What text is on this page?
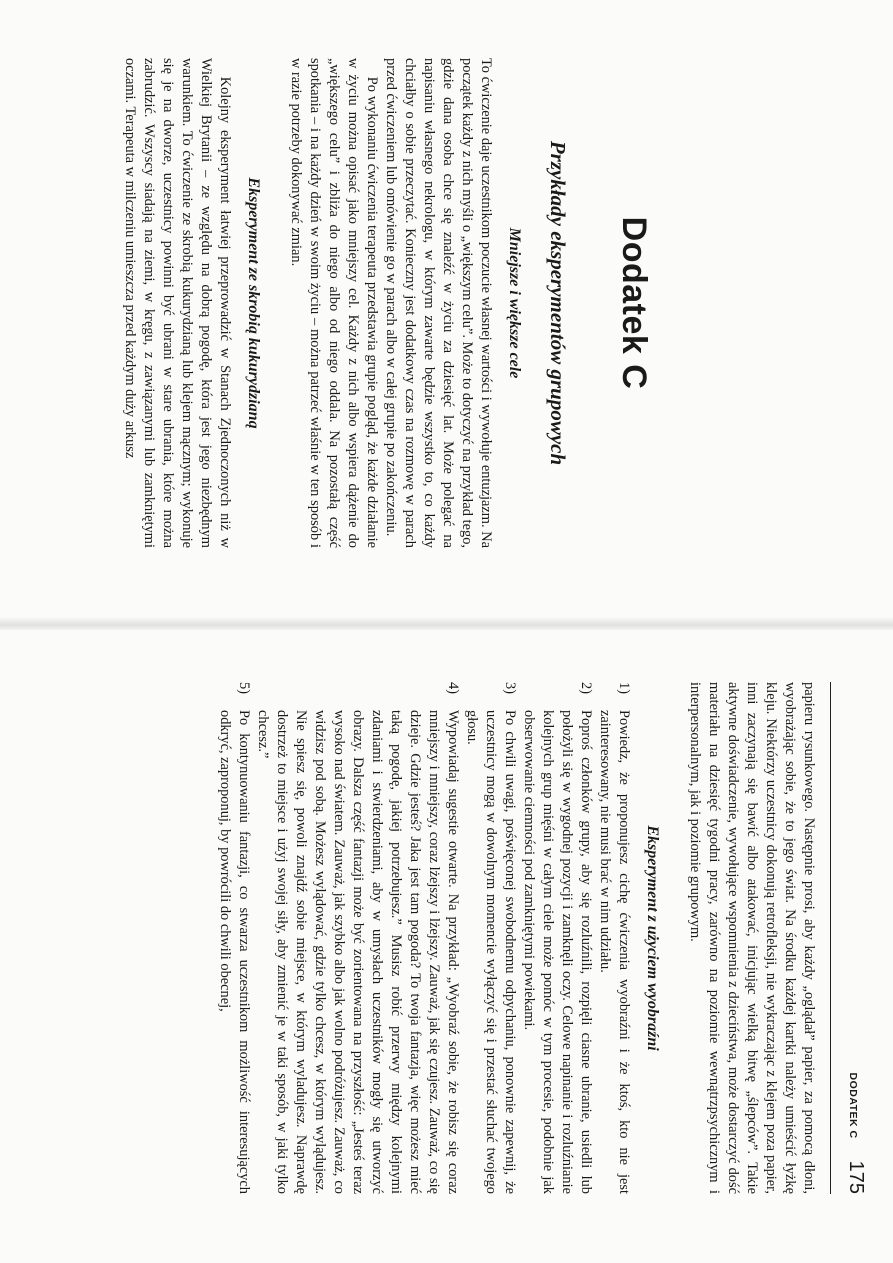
Dodatek C
Przykłady eksperymentów grupowych
Mniejsze i większe cele

To ćwiczenie daje uczestnikom poczucie własnej wartości i wywołuje entuzjazm. Na początek każdy z nich myśli o „większym celu”. Może to dotyczyć na przykład tego, gdzie dana osoba chce się znaleźć w życiu za dziesięć lat. Może polegać na napisaniu własnego nekrologu, w którym zawarte będzie wszystko to, co każdy chciałby o sobie przeczytać. Konieczny jest dodatkowy czas na rozmowę w parach przed ćwiczeniem lub omówienie go w parach albo w całej grupie po zakończeniu.

Po wykonaniu ćwiczenia terapeuta przedstawia grupie pogląd, że każde działanie w życiu można opisać jako mniejszy cel. Każdy z nich albo wspiera dążenie do „większego celu” i zbliża do niego albo od niego oddala. Na pozostałą część spotkania – i na każdy dzień w swoim życiu – można patrzeć właśnie w ten sposób i w razie potrzeby dokonywać zmian.

Eksperyment ze skrobią kukurydzianą

Kolejny eksperyment łatwiej przeprowadzić w Stanach Zjednoczonych niż w Wielkiej Brytanii – ze względu na dobrą pogodę, która jest jego niezbędnym warunkiem. To ćwiczenie ze skrobią kukurydzianą lub klejem mącznym; wykonuje się je na dworze, uczestnicy powinni być ubrani w stare ubrania, które można zabrudzić. Wszyscy siadają na ziemi, w kręgu, z zawiązanymi lub zamkniętymi oczami. Terapeuta w milczeniu umieszcza przed każdym duży arkusz

DODATEK C
175

papieru rysunkowego. Następnie prosi, aby każdy „oglądał” papier, za pomocą dłoni, wyobrażając sobie, że to jego świat. Na środku każdej kartki należy umieścić łyżkę kleju. Niektórzy uczestnicy dokonują retrofleksji, nie wykraczając z klejem poza papier, inni zaczynają się bawić albo atakować, inicjując wielką bitwę „ślepców”. Takie aktywne doświadczenie, wywołujące wspomnienia z dzieciństwa, może dostarczyć dość materiału na dziesięć tygodni pracy, zarówno na poziomie wewnątrzpsychicznym i interpersonalnym, jak i poziomie grupowym.

Eksperyment z użyciem wyobraźni
1)
Powiedz, że proponujesz cichę ćwiczenia wyobraźni i że ktoś, kto nie jest zainteresowany, nie musi brać w nim udziału.
2)
Poproś członków grupy, aby się rozluźnili, rozpięli ciasne ubranie, usiedli lub położyli się w wygodnej pozycji i zamknęli oczy. Celowe napinanie i rozluźnianie kolejnych grup mięśni w całym ciele może pomóc w tym procesie, podobnie jak obserwowanie ciemności pod zamkniętymi powiekami.
3)
Po chwili uwagi, poświęconej swobodnemu odpychaniu, ponownie zapewnij, że uczestnicy mogą w dowolnym momencie wyłączyć się i przestać słuchać twojego głosu.
4)
Wypowiadaj sugestie otwarte. Na przykład: „Wyobraź sobie, że robisz się coraz mniejszy i mniejszy, coraz lżejszy i lżejszy. Zauważ, jak się czujesz. Zauważ, co się dzieje. Gdzie jesteś? Jaka jest tam pogoda? To twoja fantazja, więc możesz mieć taką pogodę, jakiej potrzebujesz.” Musisz robić przerwy między kolejnymi zdaniami i stwierdzeniami, aby w umysłach uczestników mogły się utworzyć obrazy. Dalsza część fantazji może być zorientowana na przyszłość: „Jesteś teraz wysoko nad światem. Zauważ, jak szybko albo jak wolno podróżujesz. Zauważ, co widzisz pod sobą. Możesz wylądować, gdzie tylko chcesz, w którym wylądujesz. Nie spiesz się, powoli znajdź sobie miejsce, w którym wyladujesz. Naprawdę dostrzeż to miejsce i użyj swojej siły, aby zmienić je w taki sposób, w jaki tylko chcesz.”
5)
Po kontynuowaniu fantazji, co stwarza uczestnikom możliwość interesujących odkryć, zaproponuj, by powrócili do chwili obecnej,
